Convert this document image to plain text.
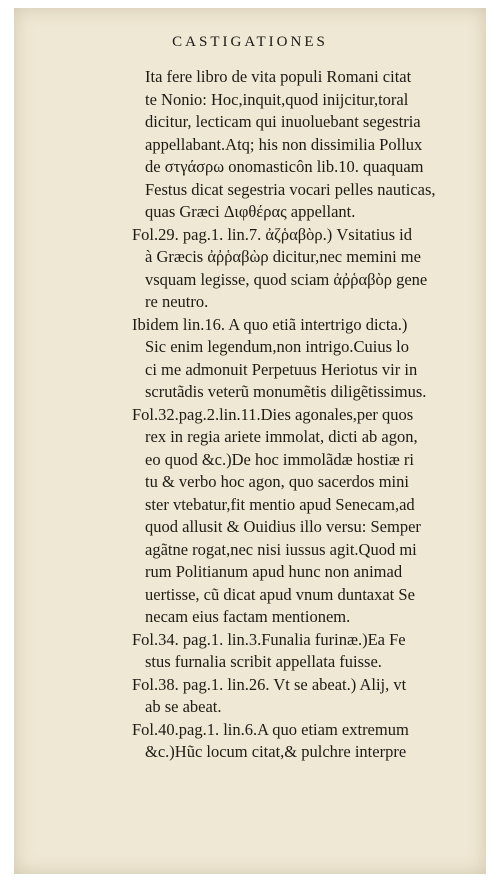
CASTIGATIONES
Ita fere libro de vita populi Romani citat
te Nonio: Hoc,inquit,quod inijcitur,toral
dicitur, lecticam qui inuoluebant segestria
appellabant.Atq; his non dissimilia Pollux
de στγάσρω onomasticôn lib.10. quaquam
Festus dicat segestria vocari pelles nauticas,
quas Græci Διφθέρας appellant.
Fol.29. pag.1. lin.7. ἀζῥαβὸρ.) Vsitatius id
à Græcis ἀῤῥαβὼρ dicitur,nec memini me
vsquam legisse, quod sciam ἀῤῥαβὸρ gene
re neutro.
Ibidem lin.16. A quo etiã intertrigo dicta.)
Sic enim legendum,non intrigo.Cuius lo
ci me admonuit Perpetuus Heriotus vir in
scrutãdis veterũ monumẽtis diligẽtissimus.
Fol.32.pag.2.lin.11.Dies agonales,per quos
rex in regia ariete immolat, dicti ab agon,
eo quod &c.)De hoc immolãdæ hostiæ ri
tu & verbo hoc agon, quo sacerdos mini
ster vtebatur,fit mentio apud Senecam,ad
quod allusit & Ouidius illo versu: Semper
agãtne rogat,nec nisi iussus agit.Quod mi
rum Politianum apud hunc non animad
uertisse, cũ dicat apud vnum duntaxat Se
necam eius factam mentionem.
Fol.34. pag.1. lin.3.Funalia furinæ.)Ea Fe
stus furnalia scribit appellata fuisse.
Fol.38. pag.1. lin.26. Vt se abeat.) Alij, vt
ab se abeat.
Fol.40.pag.1. lin.6.A quo etiam extremum
&c.)Hũc locum citat,& pulchre interpre
